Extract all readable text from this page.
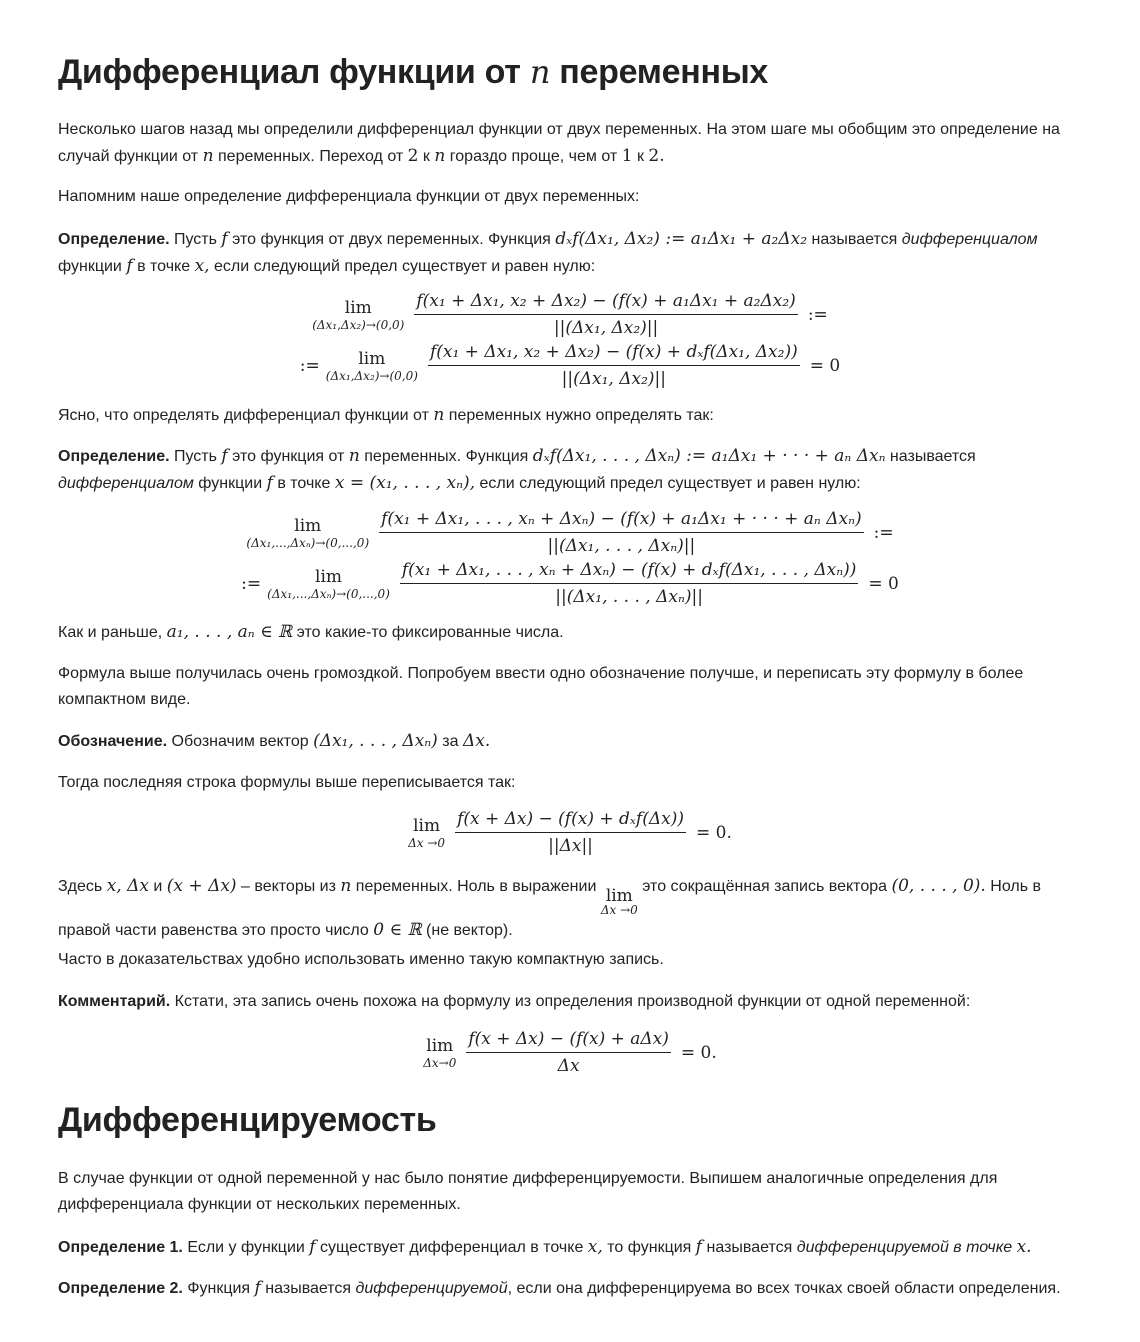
Дифференциал функции от n переменных

Несколько шагов назад мы определили дифференциал функции от двух переменных. На этом шаге мы обобщим это определение на случай функции от n переменных. Переход от 2 к n гораздо проще, чем от 1 к 2.

Напомним наше определение дифференциала функции от двух переменных:

Определение. Пусть f это функция от двух переменных. Функция dₓf(Δx₁, Δx₂) := a₁Δx₁ + a₂Δx₂ называется дифференциалом функции f в точке x, если следующий предел существует и равен нулю:

lim
$(\Delta x_1,\Delta x_2)\to(0,0) \frac{\text{f(x₁ + Δx₁, x₂ + Δx₂) − (f(x) + a₁Δx₁ + a₂Δx₂)}}{\text{||(Δx₁, Δx₂)||}}$ :=
:= lim
$(\Delta x_1,\Delta x_2)\to(0,0) \frac{\text{f(x₁ + Δx₁, x₂ + Δx₂) − (f(x) + dₓf(Δx₁, Δx₂))}}{\text{||(Δx₁, Δx₂)||}} = 0$

Ясно, что определять дифференциал функции от n переменных нужно определять так:

Определение. Пусть f это функция от n переменных. Функция dₓf(Δx₁, . . . , Δxₙ) := a₁Δx₁ + · · · + aₙ Δxₙ называется дифференциалом функции f в точке x = (x₁, . . . , xₙ), если следующий предел существует и равен нулю:

lim
(Δx₁,...,Δxₙ)→(0,...,0)
f(x₁ + Δx₁, . . . , xₙ + Δxₙ) − (f(x) + a₁Δx₁ + · · · + aₙ Δxₙ)
||(Δx₁, . . . , Δxₙ)||
:=
:=	lim
(Δx₁,...,Δxₙ)→(0,...,0)
f(x₁ + Δx₁, . . . , xₙ + Δxₙ) − (f(x) + dₓf(Δx₁, . . . , Δxₙ))
||(Δx₁, . . . , Δxₙ)||
= 0

Как и раньше, a₁, . . . , aₙ ∈ ℝ это какие-то фиксированные числа.

Формула выше получилась очень громоздкой. Попробуем ввести одно обозначение получше, и переписать эту формулу в более компактном виде.

Обозначение. Обозначим вектор (Δx₁, . . . , Δxₙ) за Δx.

Тогда последняя строка формулы выше переписывается так:

lim
$\Delta x \to 0 \frac{\text{f(x + Δx) − (f(x) + dₓf(Δx))}}{||\Delta x||} = 0$.

Здесь x, Δx и (x + Δx) – векторы из n переменных. Ноль в выражении lim
Δx →0
это сокращённая запись вектора (0, . . . , 0). Ноль в правой части равенства это просто число 0 ∈ ℝ (не вектор).

Часто в доказательствах удобно использовать именно такую компактную запись.

Комментарий. Кстати, эта запись очень похожа на формулу из определения производной функции от одной переменной:

lim
$\Delta x\to 0 \frac{\text{f(x + Δx) − (f(x) + aΔx)}}{\Delta x} = 0$.
Дифференцируемость

В случае функции от одной переменной у нас было понятие дифференцируемости. Выпишем аналогичные определения для дифференциала функции от нескольких переменных.

Определение 1. Если у функции f существует дифференциал в точке x, то функция f называется дифференцируемой в точке x.

Определение 2. Функция f называется дифференцируемой, если она дифференцируема во всех точках своей области определения.
